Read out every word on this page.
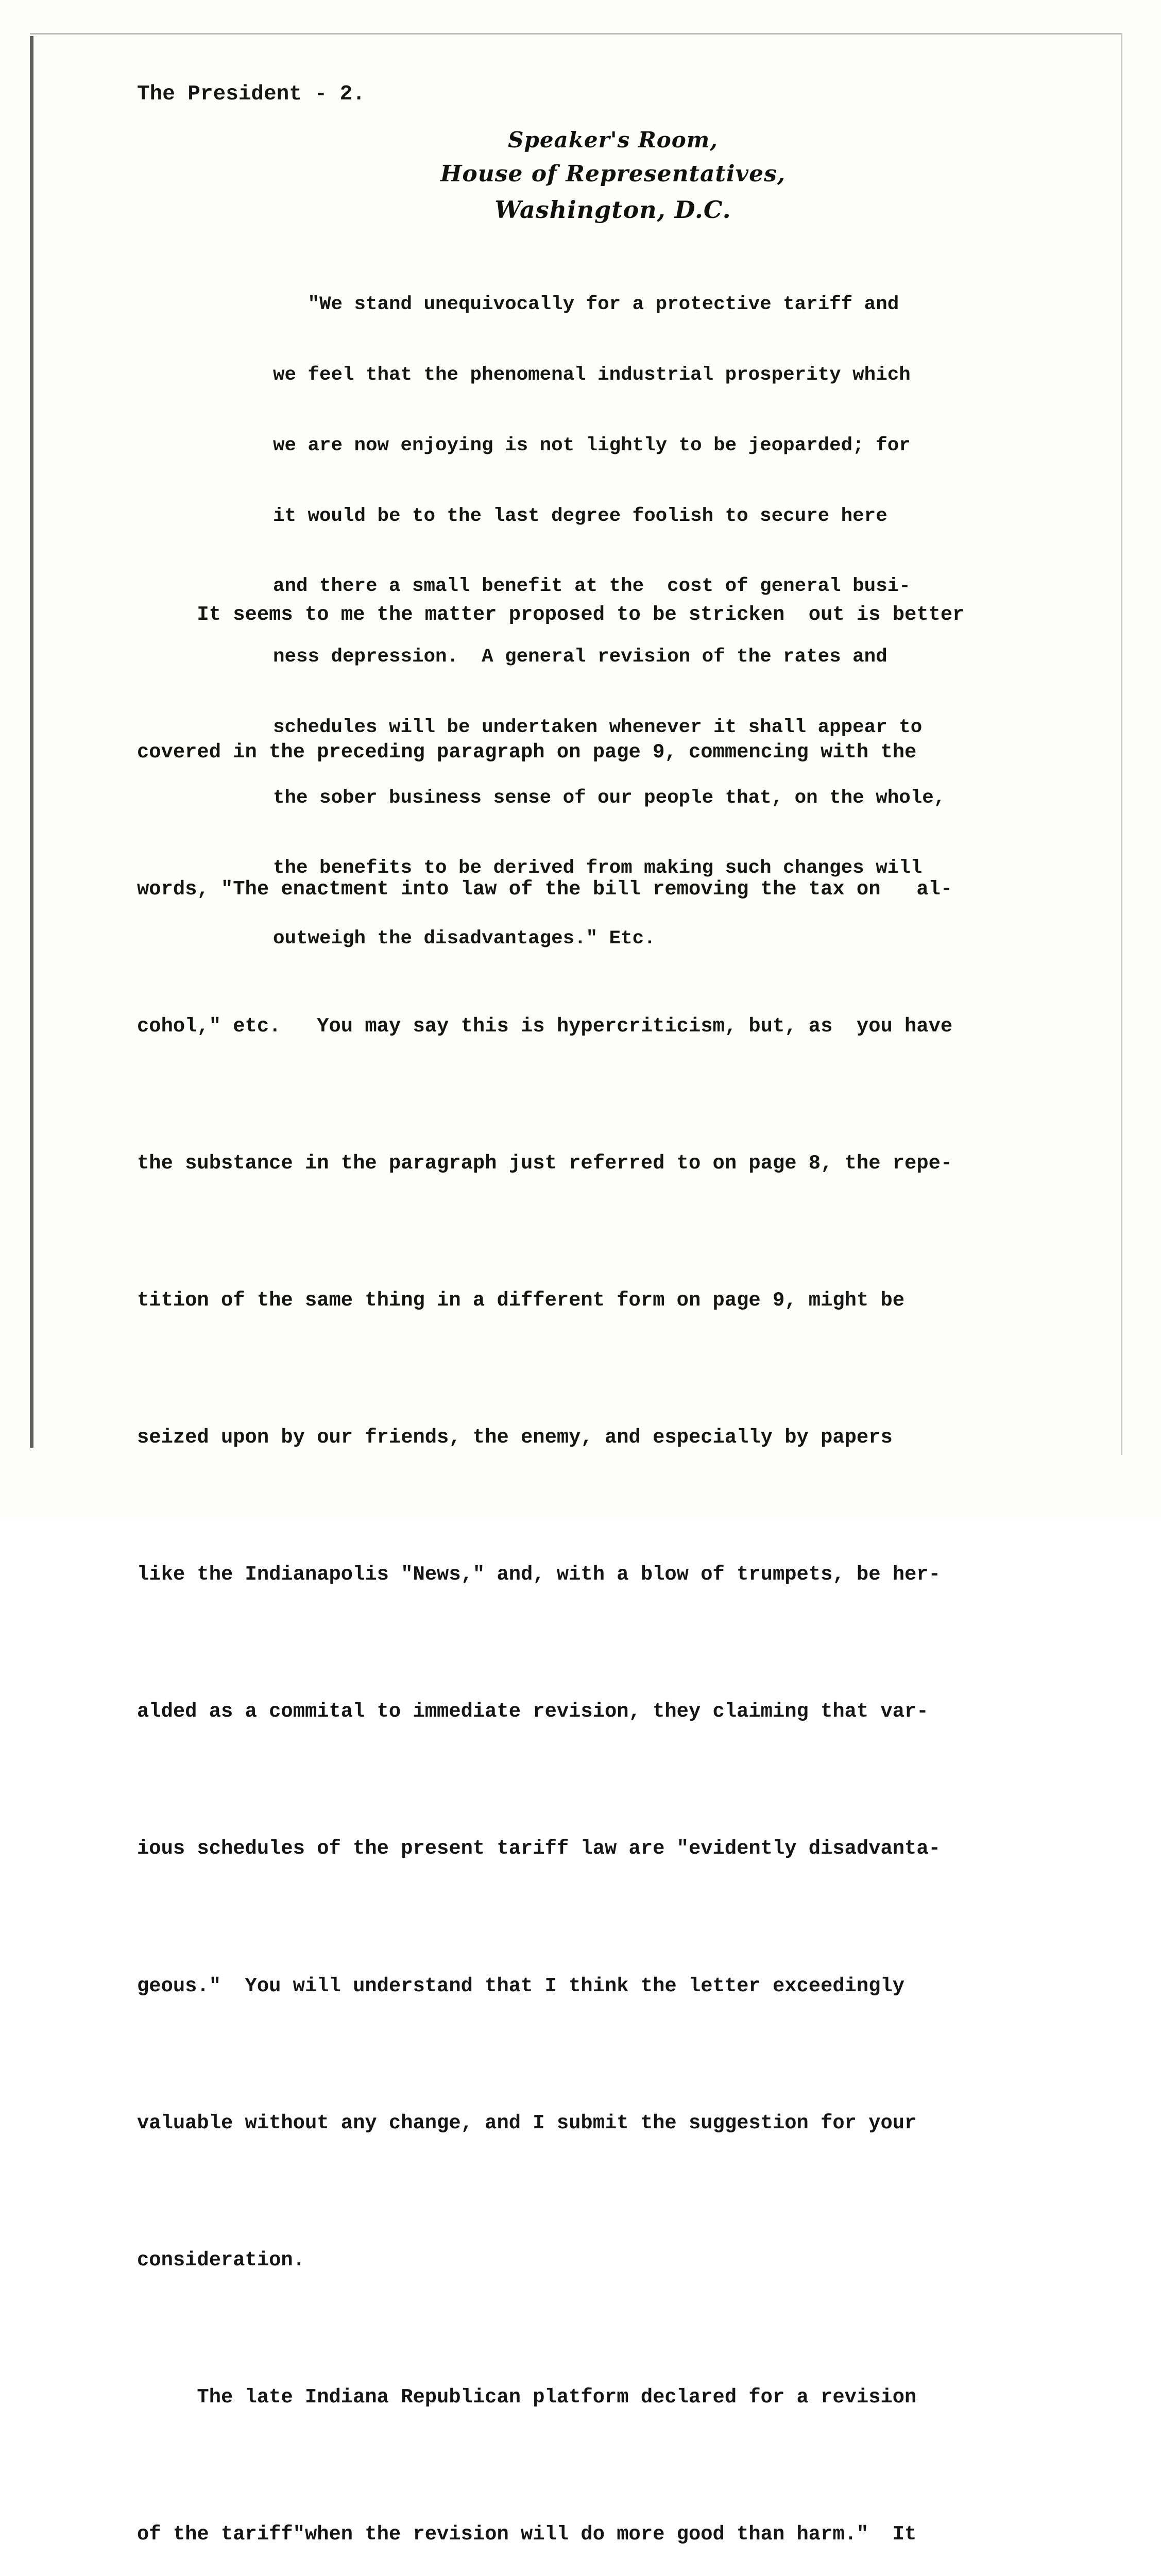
The President - 2.

Speaker's Room,
House of Representatives,
Washington, D.C.

"We stand unequivocally for a protective tariff and

we feel that the phenomenal industrial prosperity which

we are now enjoying is not lightly to be jeoparded; for

it would be to the last degree foolish to secure here

and there a small benefit at the  cost of general busi-

ness depression.  A general revision of the rates and

schedules will be undertaken whenever it shall appear to

the sober business sense of our people that, on the whole,

the benefits to be derived from making such changes will

outweigh the disadvantages." Etc.

It seems to me the matter proposed to be stricken  out is better

covered in the preceding paragraph on page 9, commencing with the

words, "The enactment into law of the bill removing the tax on   al-

cohol," etc.   You may say this is hypercriticism, but, as  you have

the substance in the paragraph just referred to on page 8, the repe-

tition of the same thing in a different form on page 9, might be

seized upon by our friends, the enemy, and especially by papers

like the Indianapolis "News," and, with a blow of trumpets, be her-

alded as a commital to immediate revision, they claiming that var-

ious schedules of the present tariff law are "evidently disadvanta-

geous."  You will understand that I think the letter exceedingly

valuable without any change, and I submit the suggestion for your

consideration.

The late Indiana Republican platform declared for a revision

of the tariff"when the revision will do more good than harm."  It
